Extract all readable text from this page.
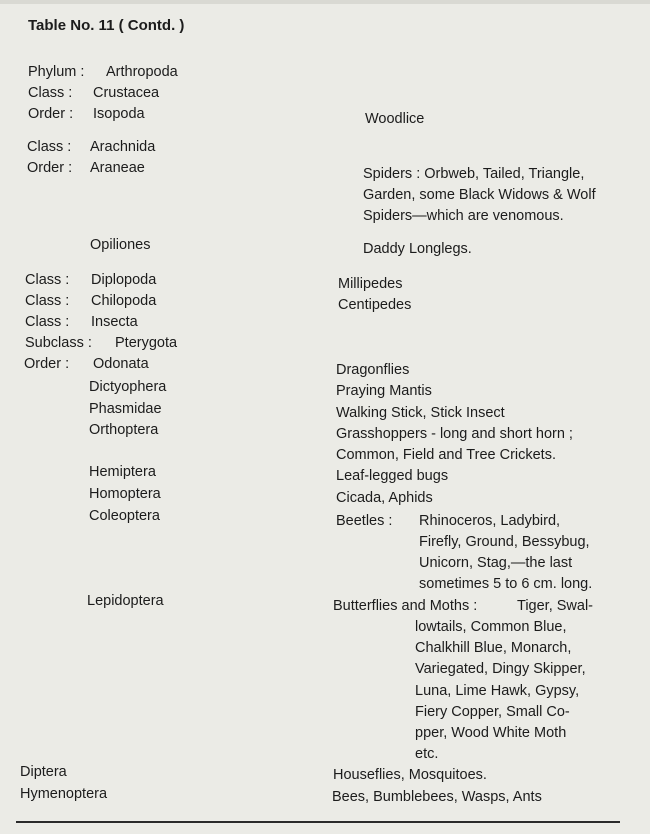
Table No. 11 ( Contd. )
Phylum : Arthropoda
Class : Crustacea
Order : Isopoda	Woodlice
Class : Arachnida
Order : Araneae	Spiders : Orbweb, Tailed, Triangle,
Garden, some Black Widows & Wolf
Spiders—which are venomous.
Opiliones	Daddy Longlegs.
Class : Diplopoda	Millipedes
Class : Chilopoda	Centipedes
Class : Insecta
Subclass : Pterygota
Order : Odonata	Dragonflies
Dictyophera	Praying Mantis
Phasmidae	Walking Stick, Stick Insect
Orthoptera	Grasshoppers - long and short horn ;
Common, Field and Tree Crickets.
Hemiptera	Leaf-legged bugs
Homoptera	Cicada, Aphids
Coleoptera	Beetles : Rhinoceros, Ladybird,
Firefly, Ground, Bessybug,
Unicorn, Stag,—the last
sometimes 5 to 6 cm. long.
Lepidoptera	Butterflies and Moths :	Tiger, Swal-
lowtails, Common Blue,
Chalkhill Blue, Monarch,
Variegated, Dingy Skipper,
Luna, Lime Hawk, Gypsy,
Fiery Copper, Small Co-
pper, Wood White Moth
etc.
Diptera	Houseflies, Mosquitoes.
Hymenoptera	Bees, Bumblebees, Wasps, Ants
